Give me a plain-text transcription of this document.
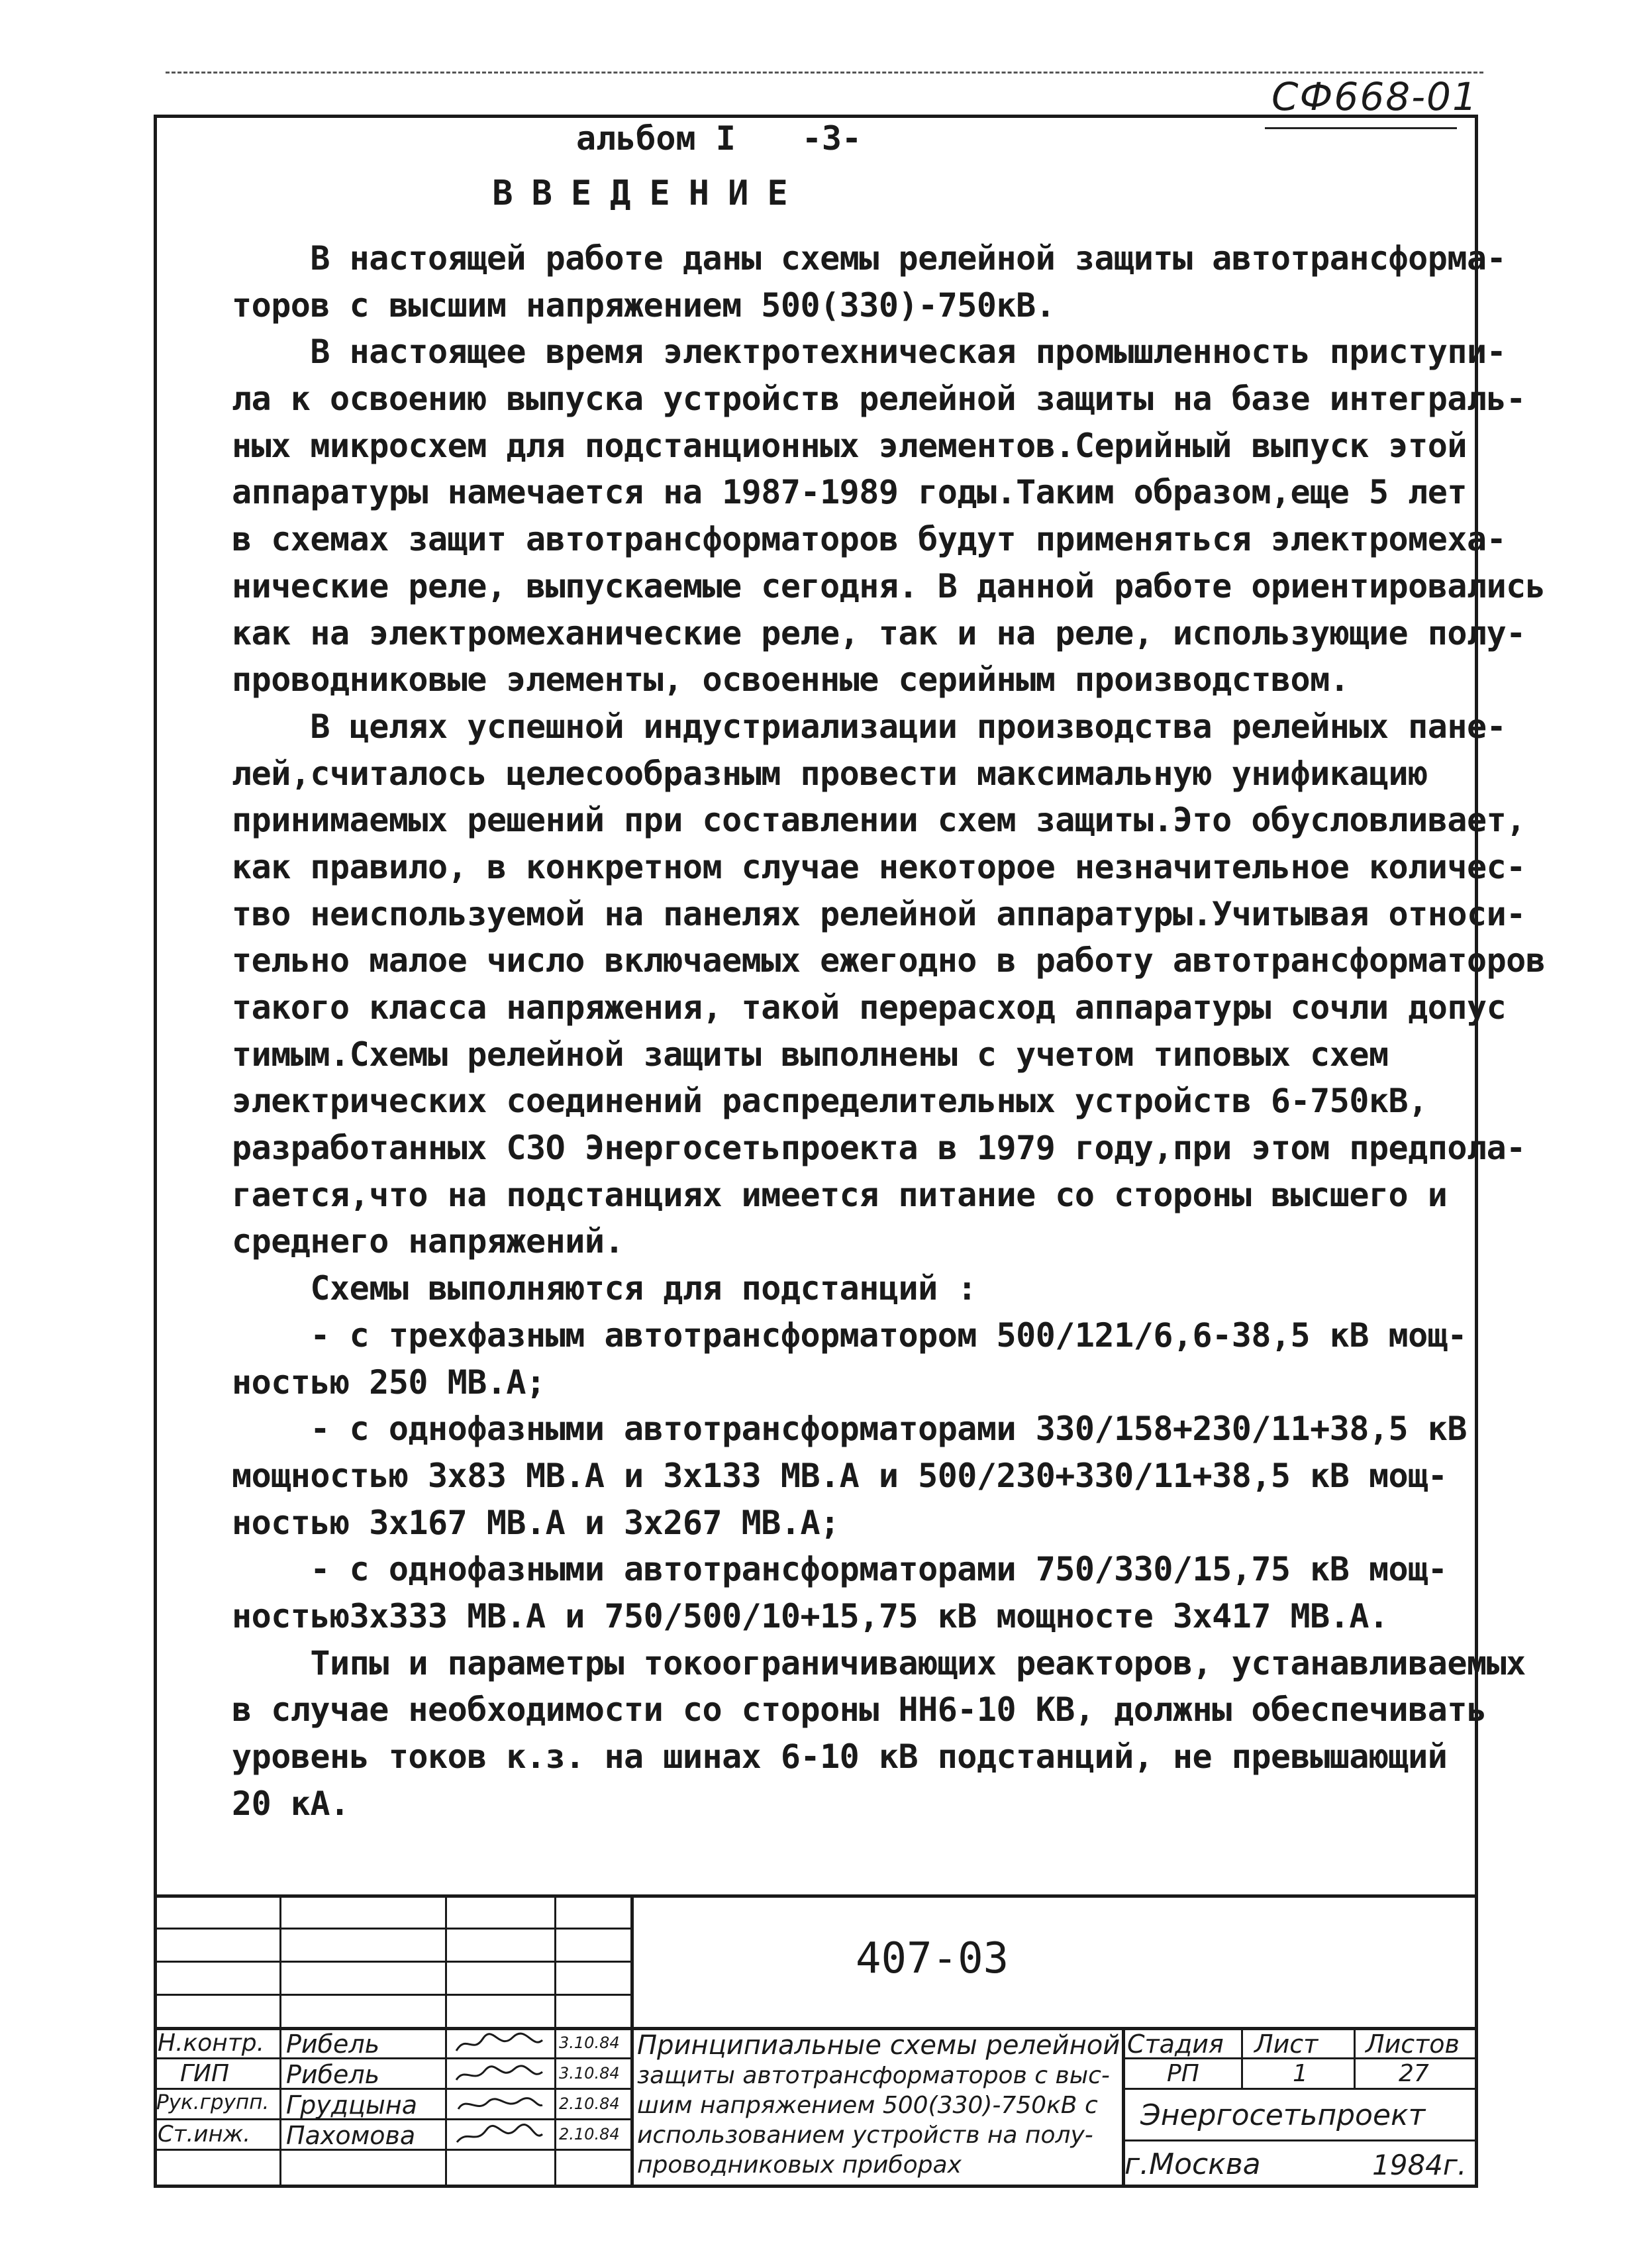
СФ668-01
альбом I -3-
ВВЕДЕНИЕ
В настоящей работе даны схемы релейной защиты автотрансформа-
торов с высшим напряжением 500(330)-750кВ.
В настоящее время электротехническая промышленность приступи-
ла к освоению выпуска устройств релейной защиты на базе интеграль-
ных микросхем для подстанционных элементов.Серийный выпуск этой
аппаратуры намечается на 1987-1989 годы.Таким образом,еще 5 лет
в схемах защит автотрансформаторов будут применяться электромеха-
нические реле, выпускаемые сегодня. В данной работе ориентировались
как на электромеханические реле, так и на реле, использующие полу-
проводниковые элементы, освоенные серийным производством.
В целях успешной индустриализации производства релейных пане-
лей,считалось целесообразным провести максимальную унификацию
принимаемых решений при составлении схем защиты.Это обусловливает,
как правило, в конкретном случае некоторое незначительное количес-
тво неиспользуемой на панелях релейной аппаратуры.Учитывая относи-
тельно малое число включаемых ежегодно в работу автотрансформаторов
такого класса напряжения, такой перерасход аппаратуры сочли допус
тимым.Схемы релейной защиты выполнены с учетом типовых схем
электрических соединений распределительных устройств 6-750кВ,
разработанных СЗО Энергосетьпроекта в 1979 году,при этом предпола-
гается,что на подстанциях имеется питание со стороны высшего и
среднего напряжений.
Схемы выполняются для подстанций :
- с трехфазным автотрансформатором 500/121/6,6-38,5 кВ мощ-
ностью 250 МВ.А;
- с однофазными автотрансформаторами 330/158+230/11+38,5 кВ
мощностью 3х83 МВ.А и 3х133 МВ.А и 500/230+330/11+38,5 кВ мощ-
ностью 3х167 МВ.А и 3х267 МВ.А;
- с однофазными автотрансформаторами 750/330/15,75 кВ мощ-
ностью3х333 МВ.А и 750/500/10+15,75 кВ мощносте 3х417 МВ.А.
Типы и параметры токоограничивающих реакторов, устанавливаемых
в случае необходимости со стороны НН6-10 КВ, должны обеспечивать
уровень токов к.з. на шинах 6-10 кВ подстанций, не превышающий
20 кА.
407-03
Н.контр. Рибель	3.10.84
ГИП Рибель	3.10.84
Рук.групп. Грудцына	2.10.84
Ст.инж. Пахомова	2.10.84
Принципиальные схемы релейной
защиты автотрансформаторов с выс-
шим напряжением 500(330)-750кВ с
использованием устройств на полу-
проводниковых приборах
Стадия Лист Листов
РП	1	27
Энергосетьпроект
г.Москва	1984г.
